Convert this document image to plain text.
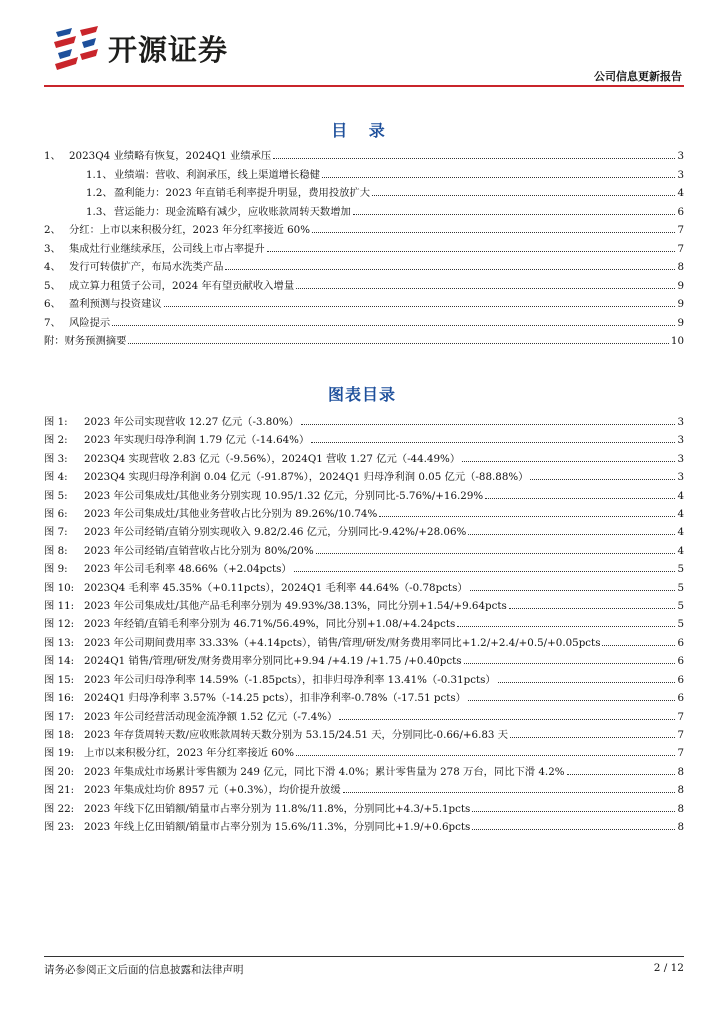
开源证券
公司信息更新报告
目 录
1、 2023Q4 业绩略有恢复，2024Q1 业绩承压	3
1.1、 业绩端：营收、利润承压，线上渠道增长稳健	3
1.2、 盈利能力：2023 年直销毛利率提升明显，费用投放扩大	4
1.3、 营运能力：现金流略有减少，应收账款周转天数增加	6
2、 分红：上市以来积极分红，2023 年分红率接近 60%	7
3、 集成灶行业继续承压，公司线上市占率提升	7
4、 发行可转债扩产，布局水洗类产品	8
5、 成立算力租赁子公司，2024 年有望贡献收入增量	9
6、 盈利预测与投资建议	9
7、 风险提示	9
附： 财务预测摘要	10
图表目录
图 1:	2023 年公司实现营收 12.27 亿元（-3.80%）	3
图 2:	2023 年实现归母净利润 1.79 亿元（-14.64%）	3
图 3:	2023Q4 实现营收 2.83 亿元（-9.56%），2024Q1 营收 1.27 亿元（-44.49%）	3
图 4:	2023Q4 实现归母净利润 0.04 亿元（-91.87%），2024Q1 归母净利润 0.05 亿元（-88.88%）	3
图 5:	2023 年公司集成灶/其他业务分别实现 10.95/1.32 亿元，分别同比-5.76%/+16.29%	4
图 6:	2023 年公司集成灶/其他业务营收占比分别为 89.26%/10.74%	4
图 7:	2023 年公司经销/直销分别实现收入 9.82/2.46 亿元，分别同比-9.42%/+28.06%	4
图 8:	2023 年公司经销/直销营收占比分别为 80%/20%	4
图 9:	2023 年公司毛利率 48.66%（+2.04pcts）	5
图 10: 2023Q4 毛利率 45.35%（+0.11pcts），2024Q1 毛利率 44.64%（-0.78pcts）	5
图 11: 2023 年公司集成灶/其他产品毛利率分别为 49.93%/38.13%，同比分别+1.54/+9.64pcts	5
图 12: 2023 年经销/直销毛利率分别为 46.71%/56.49%，同比分别+1.08/+4.24pcts	5
图 13: 2023 年公司期间费用率 33.33%（+4.14pcts），销售/管理/研发/财务费用率同比+1.2/+2.4/+0.5/+0.05pcts	6
图 14: 2024Q1 销售/管理/研发/财务费用率分别同比+9.94 /+4.19 /+1.75 /+0.40pcts	6
图 15: 2023 年公司归母净利率 14.59%（-1.85pcts），扣非归母净利率 13.41%（-0.31pcts）	6
图 16: 2024Q1 归母净利率 3.57%（-14.25 pcts），扣非净利率-0.78%（-17.51 pcts）	6
图 17: 2023 年公司经营活动现金流净额 1.52 亿元（-7.4%）	7
图 18: 2023 年存货周转天数/应收账款周转天数分别为 53.15/24.51 天，分别同比-0.66/+6.83 天	7
图 19: 上市以来积极分红，2023 年分红率接近 60%	7
图 20: 2023 年集成灶市场累计零售额为 249 亿元，同比下滑 4.0%；累计零售量为 278 万台，同比下滑 4.2%	8
图 21: 2023 年集成灶均价 8957 元（+0.3%），均价提升放缓	8
图 22: 2023 年线下亿田销额/销量市占率分别为 11.8%/11.8%，分别同比+4.3/+5.1pcts	8
图 23: 2023 年线上亿田销额/销量市占率分别为 15.6%/11.3%，分别同比+1.9/+0.6pcts	8
请务必参阅正文后面的信息披露和法律声明	2 / 12
